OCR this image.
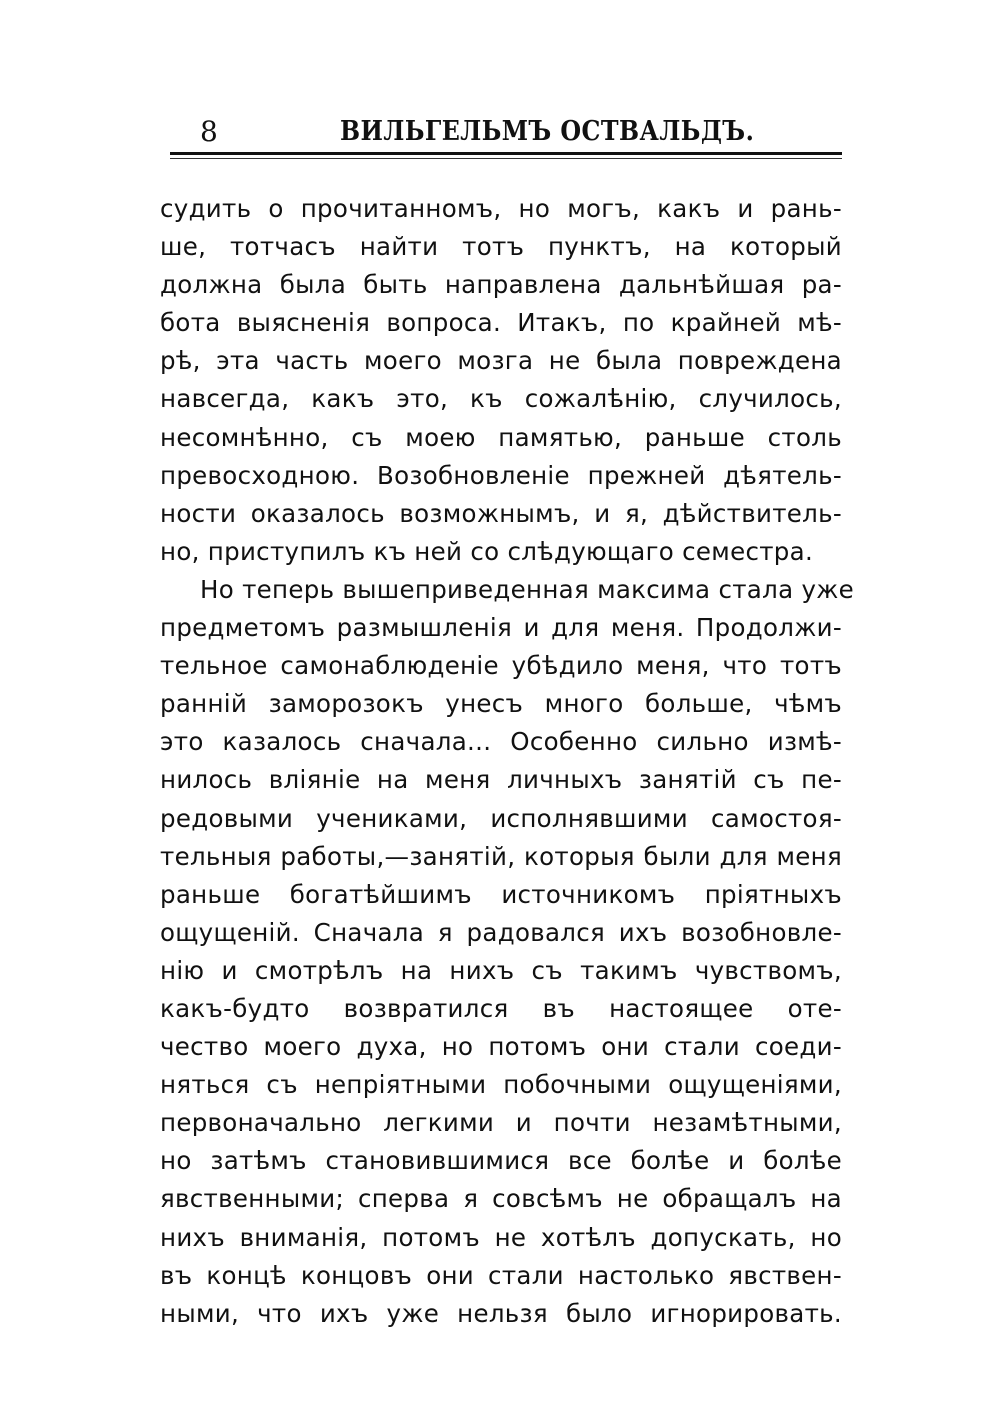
8	ВИЛЬГЕЛЬМЪ ОСТВАЛЬДЪ.
судить о прочитанномъ, но могъ, какъ и рань-
ше, тотчасъ найти тотъ пунктъ, на который
должна была быть направлена дальнѣйшая ра-
бота выясненія вопроса. Итакъ, по крайней мѣ-
рѣ, эта часть моего мозга не была повреждена
навсегда, какъ это, къ сожалѣнію, случилось,
несомнѣнно, съ моею памятью, раньше столь
превосходною. Возобновленіе прежней дѣятель-
ности оказалось возможнымъ, и я, дѣйствитель-
но, приступилъ къ ней со слѣдующаго семестра.
Но теперь вышеприведенная максима стала уже
предметомъ размышленія и для меня. Продолжи-
тельное самонаблюденіе убѣдило меня, что тотъ
ранній заморозокъ унесъ много больше, чѣмъ
это казалось сначала... Особенно сильно измѣ-
нилось вліяніе на меня личныхъ занятій съ пе-
редовыми учениками, исполнявшими самостоя-
тельныя работы,—занятій, которыя были для меня
раньше богатѣйшимъ источникомъ пріятныхъ
ощущеній. Сначала я радовался ихъ возобновле-
нію и смотрѣлъ на нихъ съ такимъ чувствомъ,
какъ-будто возвратился въ настоящее оте-
чество моего духа, но потомъ они стали соеди-
няться съ непріятными побочными ощущеніями,
первоначально легкими и почти незамѣтными,
но затѣмъ становившимися все болѣе и болѣе
явственными; сперва я совсѣмъ не обращалъ на
нихъ вниманія, потомъ не хотѣлъ допускать, но
въ концѣ концовъ они стали настолько явствен-
ными, что ихъ уже нельзя было игнорировать.
